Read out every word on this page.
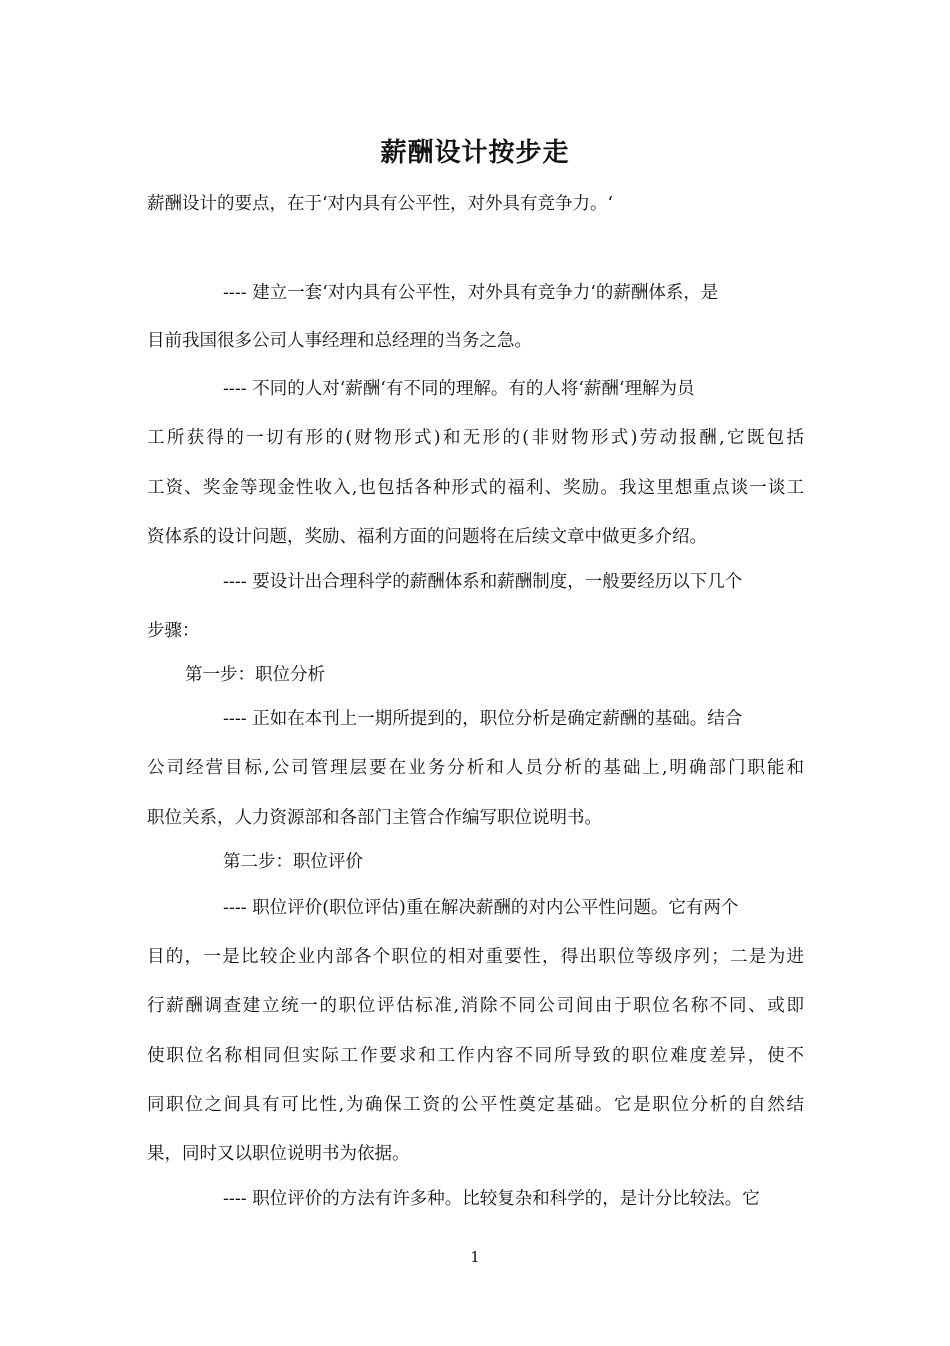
薪酬设计按步走
薪酬设计的要点，在于‘对内具有公平性，对外具有竞争力。‘
---- 建立一套‘对内具有公平性，对外具有竞争力‘的薪酬体系，是
目前我国很多公司人事经理和总经理的当务之急。
---- 不同的人对‘薪酬‘有不同的理解。有的人将‘薪酬‘理解为员
工所获得的一切有形的(财物形式)和无形的(非财物形式)劳动报酬,它既包括
工资、奖金等现金性收入,也包括各种形式的福利、奖励。我这里想重点谈一谈工
资体系的设计问题，奖励、福利方面的问题将在后续文章中做更多介绍。
---- 要设计出合理科学的薪酬体系和薪酬制度，一般要经历以下几个
步骤：
第一步：职位分析
---- 正如在本刊上一期所提到的，职位分析是确定薪酬的基础。结合
公司经营目标,公司管理层要在业务分析和人员分析的基础上,明确部门职能和
职位关系，人力资源部和各部门主管合作编写职位说明书。
第二步：职位评价
---- 职位评价(职位评估)重在解决薪酬的对内公平性问题。它有两个
目的，一是比较企业内部各个职位的相对重要性，得出职位等级序列；二是为进
行薪酬调查建立统一的职位评估标准,消除不同公司间由于职位名称不同、或即
使职位名称相同但实际工作要求和工作内容不同所导致的职位难度差异，使不
同职位之间具有可比性,为确保工资的公平性奠定基础。它是职位分析的自然结
果，同时又以职位说明书为依据。
---- 职位评价的方法有许多种。比较复杂和科学的，是计分比较法。它
1
